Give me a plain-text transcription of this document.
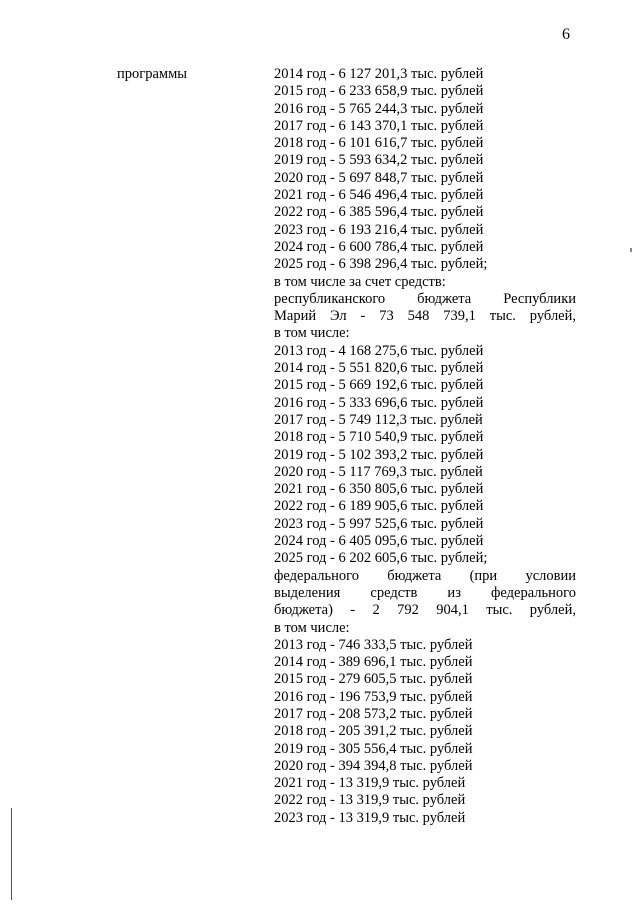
6
программы	2014 год - 6 127 201,3 тыс. рублей
2015 год - 6 233 658,9 тыс. рублей
2016 год - 5 765 244,3 тыс. рублей
2017 год - 6 143 370,1 тыс. рублей
2018 год - 6 101 616,7 тыс. рублей
2019 год - 5 593 634,2 тыс. рублей
2020 год - 5 697 848,7 тыс. рублей
2021 год - 6 546 496,4 тыс. рублей
2022 год - 6 385 596,4 тыс. рублей
2023 год - 6 193 216,4 тыс. рублей
2024 год - 6 600 786,4 тыс. рублей
2025 год - 6 398 296,4 тыс. рублей;
в том числе за счет средств:
республиканского бюджета Республики
Марий Эл - 73 548 739,1 тыс. рублей,
в том числе:
2013 год - 4 168 275,6 тыс. рублей
2014 год - 5 551 820,6 тыс. рублей
2015 год - 5 669 192,6 тыс. рублей
2016 год - 5 333 696,6 тыс. рублей
2017 год - 5 749 112,3 тыс. рублей
2018 год - 5 710 540,9 тыс. рублей
2019 год - 5 102 393,2 тыс. рублей
2020 год - 5 117 769,3 тыс. рублей
2021 год - 6 350 805,6 тыс. рублей
2022 год - 6 189 905,6 тыс. рублей
2023 год - 5 997 525,6 тыс. рублей
2024 год - 6 405 095,6 тыс. рублей
2025 год - 6 202 605,6 тыс. рублей;
федерального бюджета (при условии
выделения средств из федерального
бюджета) - 2 792 904,1 тыс. рублей,
в том числе:
2013 год - 746 333,5 тыс. рублей
2014 год - 389 696,1 тыс. рублей
2015 год - 279 605,5 тыс. рублей
2016 год - 196 753,9 тыс. рублей
2017 год - 208 573,2 тыс. рублей
2018 год - 205 391,2 тыс. рублей
2019 год - 305 556,4 тыс. рублей
2020 год - 394 394,8 тыс. рублей
2021 год - 13 319,9 тыс. рублей
2022 год - 13 319,9 тыс. рублей
2023 год - 13 319,9 тыс. рублей
